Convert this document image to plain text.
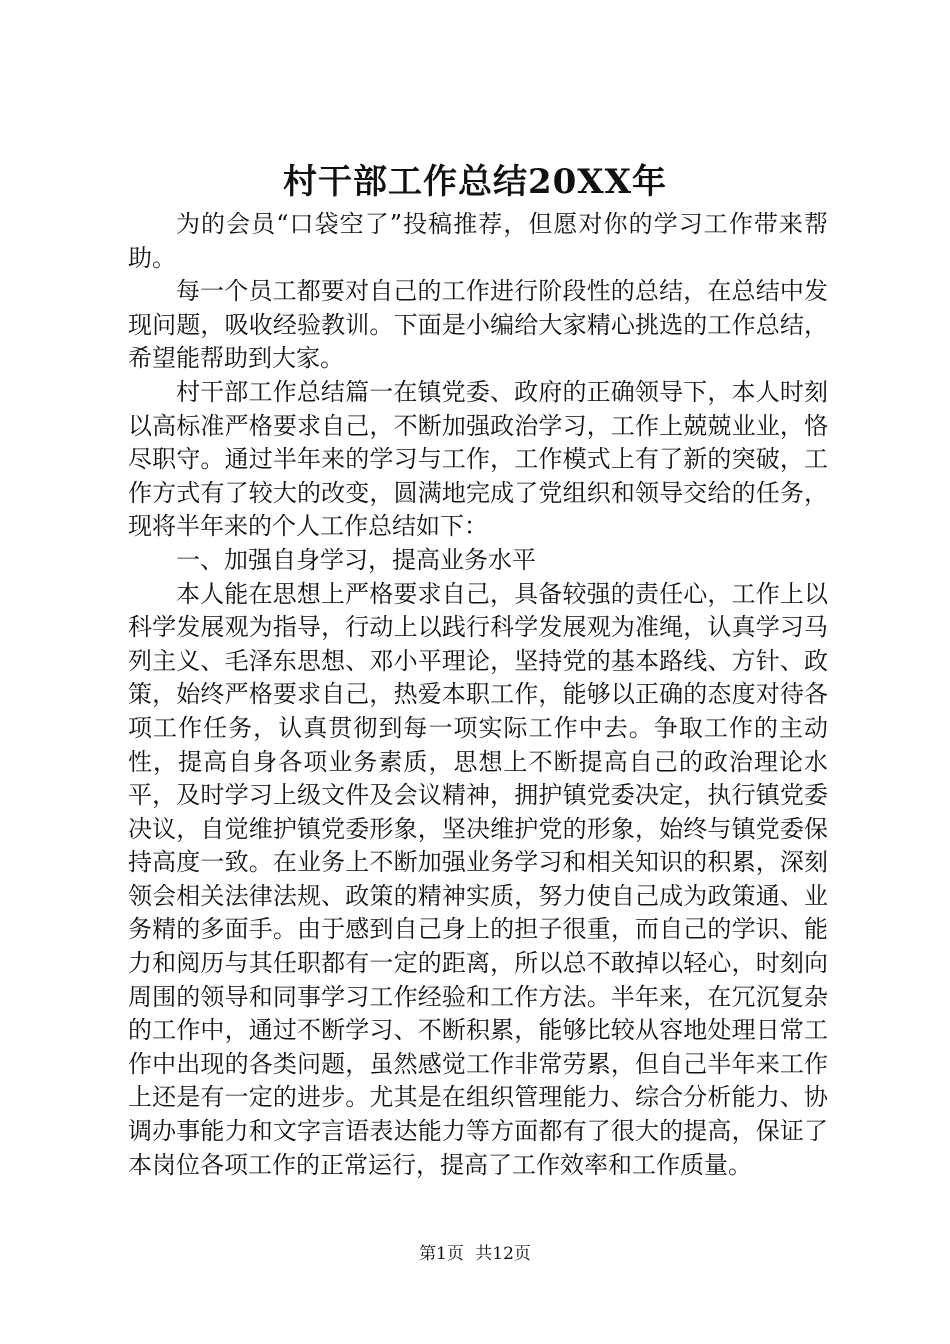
村干部工作总结20XX年

为的会员“口袋空了”投稿推荐，但愿对你的学习工作带来帮助。

每一个员工都要对自己的工作进行阶段性的总结，在总结中发现问题，吸收经验教训。下面是小编给大家精心挑选的工作总结，希望能帮助到大家。

村干部工作总结篇一在镇党委、政府的正确领导下，本人时刻以高标准严格要求自己，不断加强政治学习，工作上兢兢业业，恪尽职守。通过半年来的学习与工作，工作模式上有了新的突破，工作方式有了较大的改变，圆满地完成了党组织和领导交给的任务，现将半年来的个人工作总结如下：

一、加强自身学习，提高业务水平

本人能在思想上严格要求自己，具备较强的责任心，工作上以科学发展观为指导，行动上以践行科学发展观为准绳，认真学习马列主义、毛泽东思想、邓小平理论，坚持党的基本路线、方针、政策，始终严格要求自己，热爱本职工作，能够以正确的态度对待各项工作任务，认真贯彻到每一项实际工作中去。争取工作的主动性，提高自身各项业务素质，思想上不断提高自己的政治理论水平，及时学习上级文件及会议精神，拥护镇党委决定，执行镇党委决议，自觉维护镇党委形象，坚决维护党的形象，始终与镇党委保持高度一致。在业务上不断加强业务学习和相关知识的积累，深刻领会相关法律法规、政策的精神实质，努力使自己成为政策通、业务精的多面手。由于感到自己身上的担子很重，而自己的学识、能力和阅历与其任职都有一定的距离，所以总不敢掉以轻心，时刻向周围的领导和同事学习工作经验和工作方法。半年来，在冗沉复杂的工作中，通过不断学习、不断积累，能够比较从容地处理日常工作中出现的各类问题，虽然感觉工作非常劳累，但自己半年来工作上还是有一定的进步。尤其是在组织管理能力、综合分析能力、协调办事能力和文字言语表达能力等方面都有了很大的提高，保证了本岗位各项工作的正常运行，提高了工作效率和工作质量。

第1页 共12页
